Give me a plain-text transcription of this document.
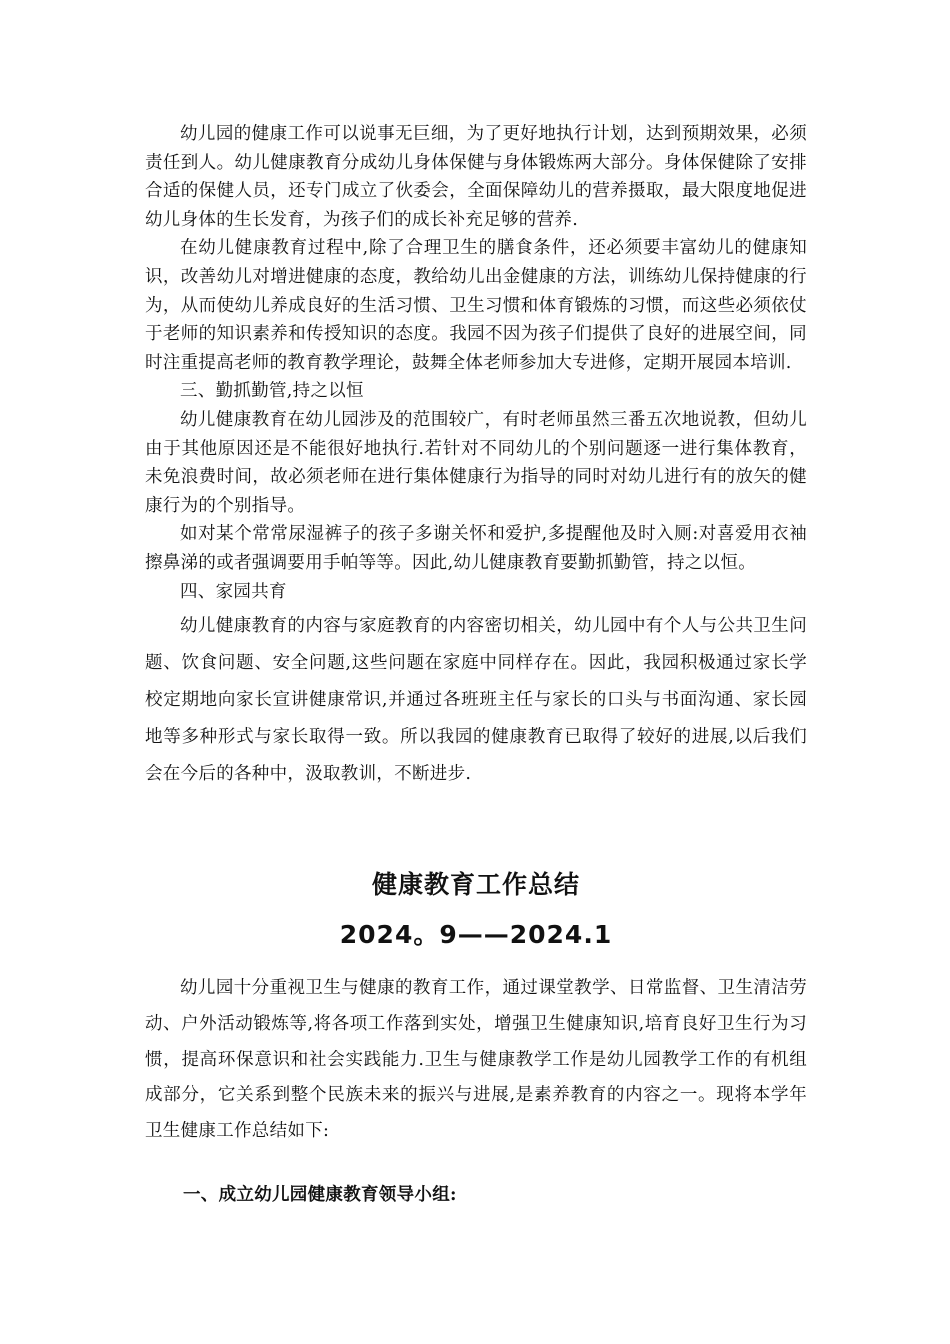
幼儿园的健康工作可以说事无巨细，为了更好地执行计划，达到预期效果，必须责任到人。幼儿健康教育分成幼儿身体保健与身体锻炼两大部分。身体保健除了安排合适的保健人员，还专门成立了伙委会，全面保障幼儿的营养摄取，最大限度地促进幼儿身体的生长发育，为孩子们的成长补充足够的营养.

在幼儿健康教育过程中,除了合理卫生的膳食条件，还必须要丰富幼儿的健康知识，改善幼儿对增进健康的态度，教给幼儿出金健康的方法，训练幼儿保持健康的行为，从而使幼儿养成良好的生活习惯、卫生习惯和体育锻炼的习惯，而这些必须依仗于老师的知识素养和传授知识的态度。我园不因为孩子们提供了良好的进展空间，同时注重提高老师的教育教学理论，鼓舞全体老师参加大专进修，定期开展园本培训.

三、勤抓勤管,持之以恒

幼儿健康教育在幼儿园涉及的范围较广，有时老师虽然三番五次地说教，但幼儿由于其他原因还是不能很好地执行.若针对不同幼儿的个别问题逐一进行集体教育，未免浪费时间，故必须老师在进行集体健康行为指导的同时对幼儿进行有的放矢的健康行为的个别指导。

如对某个常常尿湿裤子的孩子多谢关怀和爱护,多提醒他及时入厕:对喜爱用衣袖擦鼻涕的或者强调要用手帕等等。因此,幼儿健康教育要勤抓勤管，持之以恒。

四、家园共育

幼儿健康教育的内容与家庭教育的内容密切相关，幼儿园中有个人与公共卫生问题、饮食问题、安全问题,这些问题在家庭中同样存在。因此，我园积极通过家长学校定期地向家长宣讲健康常识,并通过各班班主任与家长的口头与书面沟通、家长园地等多种形式与家长取得一致。所以我园的健康教育已取得了较好的进展,以后我们会在今后的各种中，汲取教训，不断进步.

健康教育工作总结
2024。9——2024.1

幼儿园十分重视卫生与健康的教育工作，通过课堂教学、日常监督、卫生清洁劳动、户外活动锻炼等,将各项工作落到实处，增强卫生健康知识,培育良好卫生行为习惯，提高环保意识和社会实践能力.卫生与健康教学工作是幼儿园教学工作的有机组成部分，它关系到整个民族未来的振兴与进展,是素养教育的内容之一。现将本学年卫生健康工作总结如下:

一、成立幼儿园健康教育领导小组:
